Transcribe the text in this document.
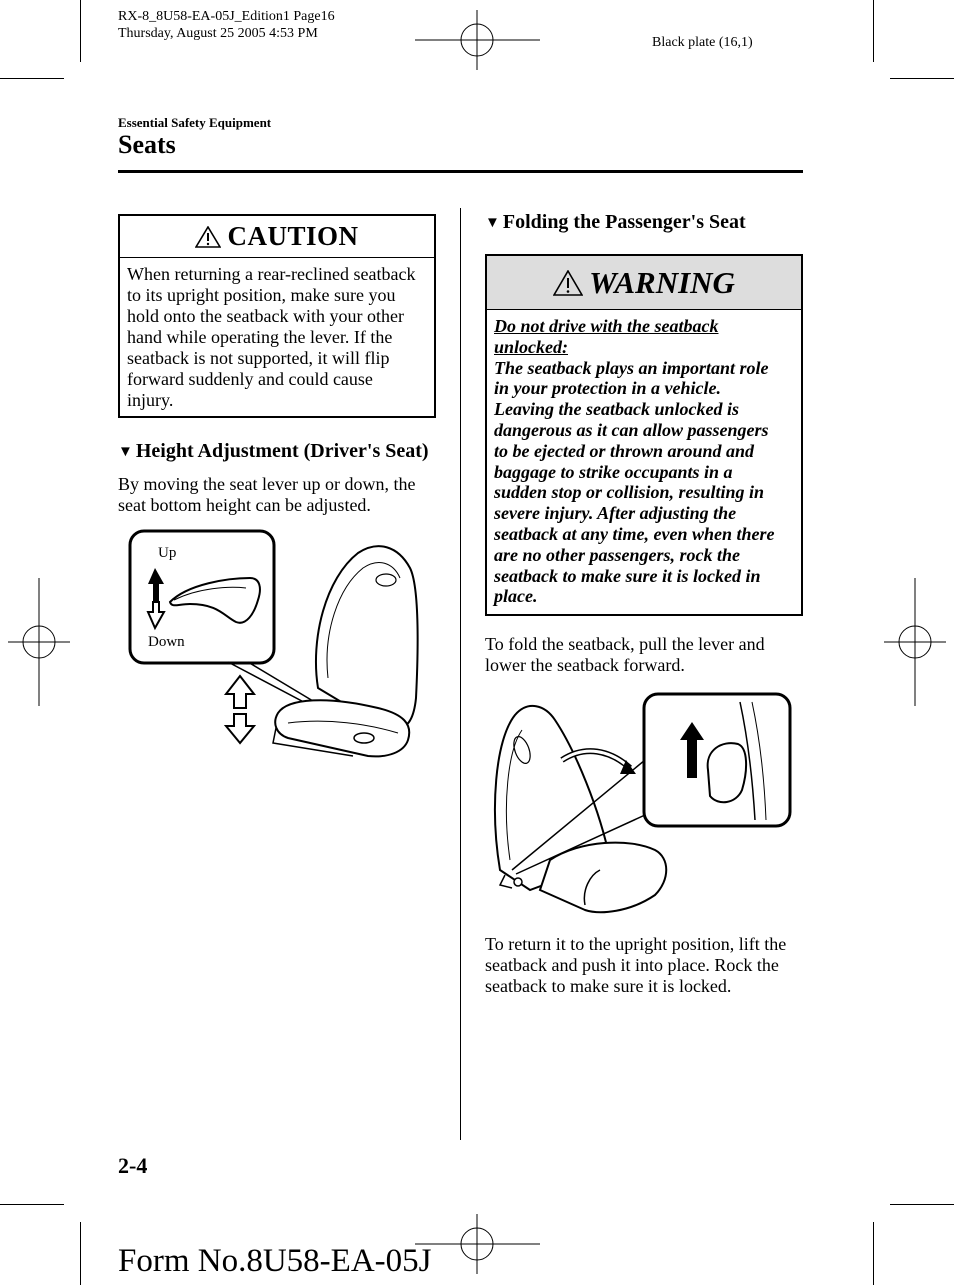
RX-8_8U58-EA-05J_Edition1 Page16
Thursday, August 25 2005 4:53 PM
Black plate (16,1)
Essential Safety Equipment
Seats
CAUTION
When returning a rear-reclined seatback
to its upright position, make sure you
hold onto the seatback with your other
hand while operating the lever. If the
seatback is not supported, it will flip
forward suddenly and could cause
injury.
▼ Height Adjustment (Driver's Seat)
By moving the seat lever up or down, the
seat bottom height can be adjusted.
Up
Down
▼ Folding the Passenger's Seat
WARNING
Do not drive with the seatback
unlocked:
The seatback plays an important role
in your protection in a vehicle.
Leaving the seatback unlocked is
dangerous as it can allow passengers
to be ejected or thrown around and
baggage to strike occupants in a
sudden stop or collision, resulting in
severe injury. After adjusting the
seatback at any time, even when there
are no other passengers, rock the
seatback to make sure it is locked in
place.
To fold the seatback, pull the lever and
lower the seatback forward.
To return it to the upright position, lift the
seatback and push it into place. Rock the
seatback to make sure it is locked.
2-4
Form No.8U58-EA-05J
